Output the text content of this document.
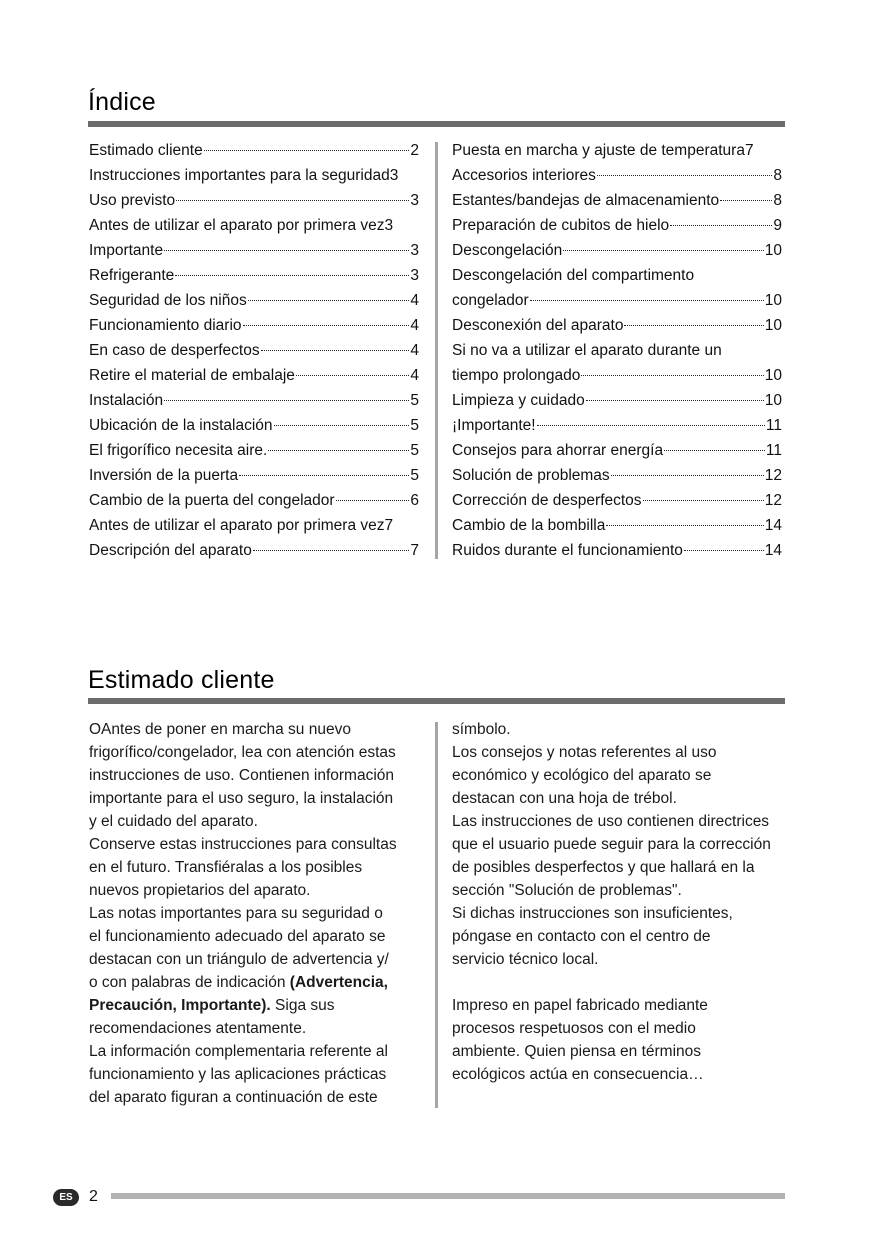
Índice
Estimado cliente	2
Instrucciones importantes para la seguridad 3
Uso previsto	3
Antes de utilizar el aparato por primera vez 3
Importante	3
Refrigerante	3
Seguridad de los niños	4
Funcionamiento diario	4
En caso de desperfectos	4
Retire el material de embalaje	4
Instalación	5
Ubicación de la instalación	5
El frigorífico necesita aire.	5
Inversión de la puerta	5
Cambio de la puerta del congelador	6
Antes de utilizar el aparato por primera vez 7
Descripción del aparato	7
Puesta en marcha y ajuste de temperatura 7
Accesorios interiores	8
Estantes/bandejas de almacenamiento	8
Preparación de cubitos de hielo	9
Descongelación	10
Descongelación del compartimento
congelador	10
Desconexión del aparato	10
Si no va a utilizar el aparato durante un
tiempo prolongado	10
Limpieza y cuidado	10
¡Importante!	11
Consejos para ahorrar energía	11
Solución de problemas	12
Corrección de desperfectos	12
Cambio de la bombilla	14
Ruidos durante el funcionamiento	14
Estimado cliente

OAntes de poner en marcha su nuevo

frigorífico/congelador, lea con atención estas

instrucciones de uso. Contienen información

importante para el uso seguro, la instalación

y el cuidado del aparato.

Conserve estas instrucciones para consultas

en el futuro. Transfiéralas a los posibles

nuevos propietarios del aparato.

Las notas importantes para su seguridad o

el funcionamiento adecuado del aparato se

destacan con un triángulo de advertencia y/

o con palabras de indicación (Advertencia,

Precaución, Importante). Siga sus

recomendaciones atentamente.

La información complementaria referente al

funcionamiento y las aplicaciones prácticas

del aparato figuran a continuación de este

símbolo.

Los consejos y notas referentes al uso

económico y ecológico del aparato se

destacan con una hoja de trébol.

Las instrucciones de uso contienen directrices

que el usuario puede seguir para la corrección

de posibles desperfectos y que hallará en la

sección "Solución de problemas".

Si dichas instrucciones son insuficientes,

póngase en contacto con el centro de

servicio técnico local.

Impreso en papel fabricado mediante

procesos respetuosos con el medio

ambiente. Quien piensa en términos

ecológicos actúa en consecuencia…

ES	2
